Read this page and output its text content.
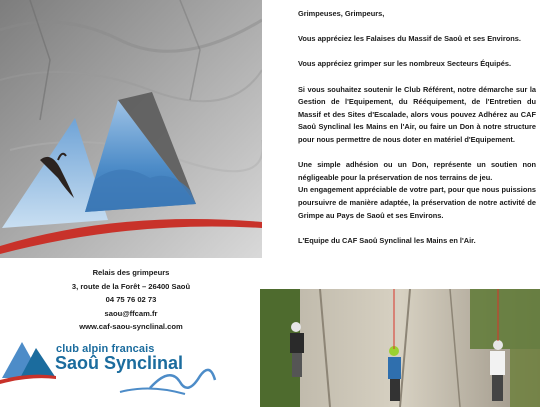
Relais des grimpeurs
3, route de la Forêt – 26400 Saoû
04 75 76 02 73
saou@ffcam.fr
www.caf-saou-synclinal.com
club alpin francais
Saoû Synclinal

Grimpeuses, Grimpeurs,

Vous appréciez les Falaises du Massif de Saoû et ses Environs.

Vous appréciez grimper sur les nombreux Secteurs Équipés.

Si vous souhaitez soutenir le Club Référent, notre démarche sur la Gestion de l'Equipement, du Rééquipement, de l'Entretien du Massif et des Sites d'Escalade, alors vous pouvez Adhérez au CAF Saoû Synclinal les Mains en l'Air, ou faire un Don à notre structure pour nous permettre de nous doter en matériel d'Equipement.

Une simple adhésion ou un Don, représente un soutien non négligeable pour la préservation de nos terrains de jeu.

Un engagement appréciable de votre part, pour que nous puissions poursuivre de manière adaptée, la préservation de notre activité de Grimpe au Pays de Saoû et ses Environs.

L'Equipe du CAF Saoû Synclinal les Mains en l'Air.
